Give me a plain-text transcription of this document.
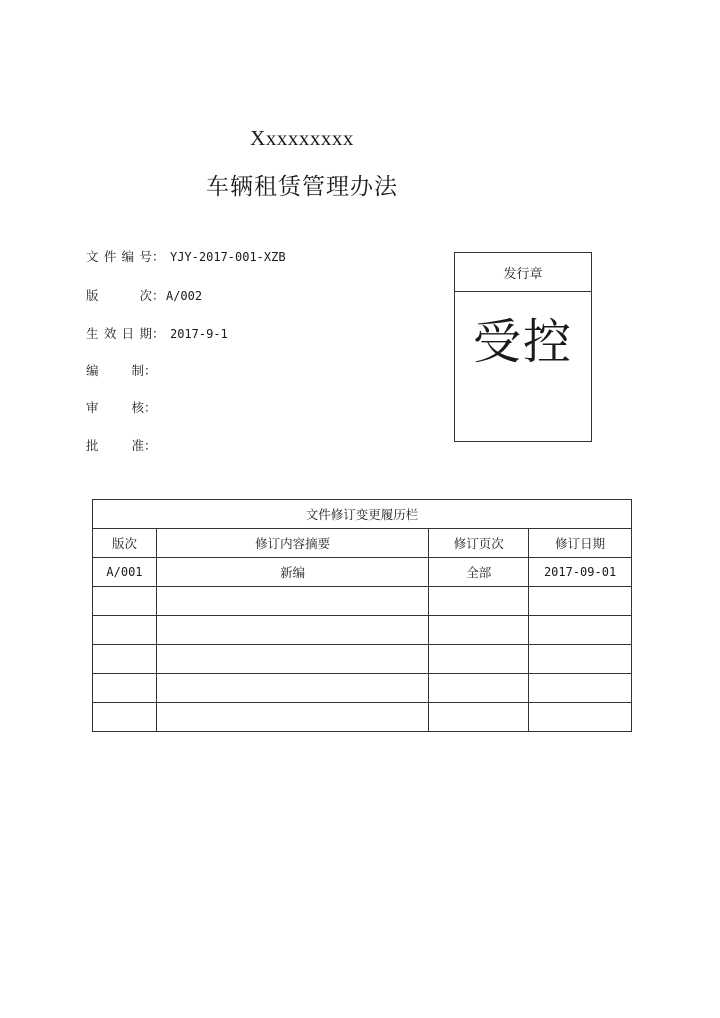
Xxxxxxxxx
车辆租赁管理办法
文件编号： YJY-2017-001-XZB
版次： A/002
生效日期： 2017-9-1
编制：
审核：
批准：
发行章
受控
文件修订变更履历栏			
版次	修订内容摘要	修订页次	修订日期
A/001	新编	全部	2017-09-01
